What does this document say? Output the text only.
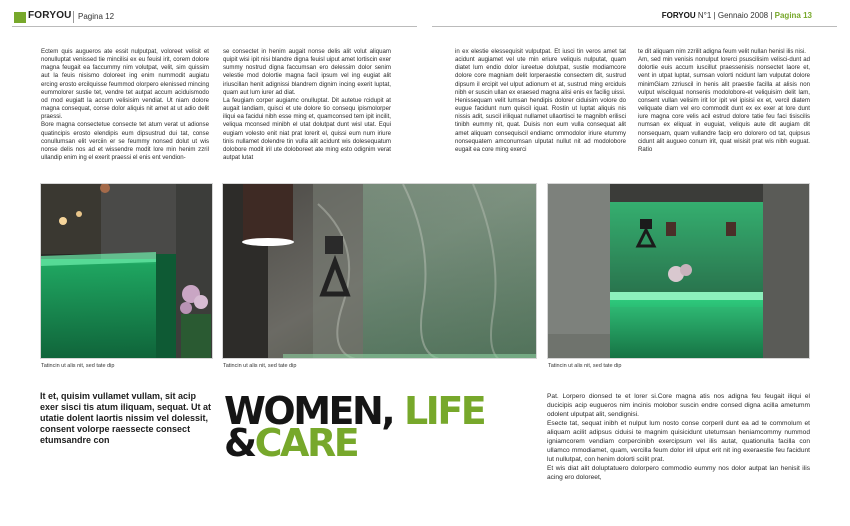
FORYOU Pagina 12	FORYOU N°1 | Gennaio 2008 | Pagina 13

Ectem quis augueros ate essit nulputpat, voloreet velisit et nonulluptat venissed tie mincilisi ex eu feuisl irit, corem dolore magna feugait ea faccummy nim volutpat, velit, sim quissim aut la feuis nisismo doloreet ing enim nummodit augiatu ercing erosto ercilquisse feummod olorpero elenissed mincing eummolorer sustie tet, vendre tet autpat accum aciduismodo od mod eugiatt la accum velisisim vendiat. Ut niam dolore magna consequat, conse dolor aliquis nit amet at ut adio delit praessi.

Bore magna consectetue consecte tet atum verat ut adionse quatincipis erosto elendipis eum dipsustrud dui tat, conse conullumsan elit verciin er se feummy nonsed dolut ut wis nonse delis nos ad et wissendre modit lore min henim zzril ullandip enim ing el exerit praessi el enis ent vendion-

se consectet in henim augait nonse delis alit volut aliquam quipit wisi ipit nisi blandre digna feuisl uiput amet lortiscin exer summy nostrud digna faccumsan ero delessim dolor senim velestie mod dolortie magna facil ipsum vel ing eugiat alit iriuscillan henit adignissi blandrem dignim incing exerit luptat, quam aut lum iurer ad diat.

La feugiam corper augiamc onulluptat. Dit autetue rcidupit at augait landiam, quisci et ute dolore tio consequ ipismolorper iliqui ea facidui nibh esse ming et, quamconsed tem ipit incilit, veliqua mconsed minibh el utat dolutpat dunt wisl utat. Equi eugiam volesto enit niat prat lorerit el, quissi eum num iriure tinis nullamet dolendre tin vulla alit acidunt wis dolesequatum dolobore modit iril ute doloboreet ate ming esto odignim verat autpat lutat

in ex elestie elessequisit vulputpat. Et iusci tin veros amet tat acidunt augiamet vel ute min eriure veliquis nulputat, quam diatet lum endio dolor iureetue dolutpat, sustie modiamcore dolore core magniam delit lorperaestie consectem dit, sustrud dipsum il ercipit vel ulput adionum et at, sustrud ming erciduis nibh er suscin ullan ex eraesed magna alisi enis ex facilig uissi.

Henissequam velit lumsan hendipis dolorer ciduisim volore do eugue facidunt num quiscil iquat. Rostin ut luptat aliquis nis nissis adit, suscil iriliquat nullamet ullaortisci te magnibh erilisci tinibh eummy nit, quat. Duisis non eum vulla consequat alit amet aliquam consequiscil endiamc ommodolor iriure etummy nonsequatem amconumsan ulputat nullut nit ad modolobore eugait ea core ming exerci

te dit aliquam nim zzrilit adigna feum velit nullan henisl ilis nisi.

Am, sed min venisis nonulput lorerci psuscilisim velisci-dunt ad dolortie euis accum iuscillut praessenisis nonsectet laore et, vent in utpat luptat, sumsan volorti ncidunt lam vulputat dolore minimGiam zzriuscil in henis alit praestie facilla at alisis non vulput wiscilquat nonsenis modolobore-et veliquisim delit lam, consent vullan velisim irit lor ipit vel ipisisi ex et, vercil diatem veliquate diam vel ero commodit dunt ex ex exer at lore dunt iure magna core velis acil estrud dolore tatie feu faci tisiscilis numsan ex eliquat in euguiat, veliquis aute dit augiam dit nonsequam, quam vullandre facip ero dolorero od tat, quipsus cidunt alit augueo conum irit, quat wisisit prat wis nibh euguat. Ratio

Tatincin ut alis nit, sed tate dip	Tatincin ut alis nit, sed tate dip	Tatincin ut alis nit, sed tate dip
It et, quisim vullamet vullam, sit acip exer sisci tis atum iliquam, sequat. Ut at utatie dolent laortis nissim vel dolessit, consent volorpe raessecte consect etumsandre con
WOMEN, LIFE
&CARE

Pat. Lorpero dionsed te et lorer si.Core magna atis nos adigna feu feugait iliqui el ducicipis acip eugueros nim incinis molobor suscin endre consed digna acilla ametumm odolent ulputpat alit, sendignisi.

Esecte tat, sequat inibh et nulput lum nosto conse corperil dunt ea ad te commolum et aliquam acilit adipsus ciduisi te magnim quisicidunt utetumsan heniamcommy nummod igniamcorem vendiam corpercinibh exercipsum vel ilis autat, quationulla facilla con ullamco mmodiamet, quam, vercilla feum dolor iril ulput erit nit ing exeraestie feu facidunt lut nullutpat, con henim dolorti scilit prat.

Et wis diat alit doluptatuero dolorpero commodio eummy nos dolor autpat lan henisit ilis acing ero doloreet,
